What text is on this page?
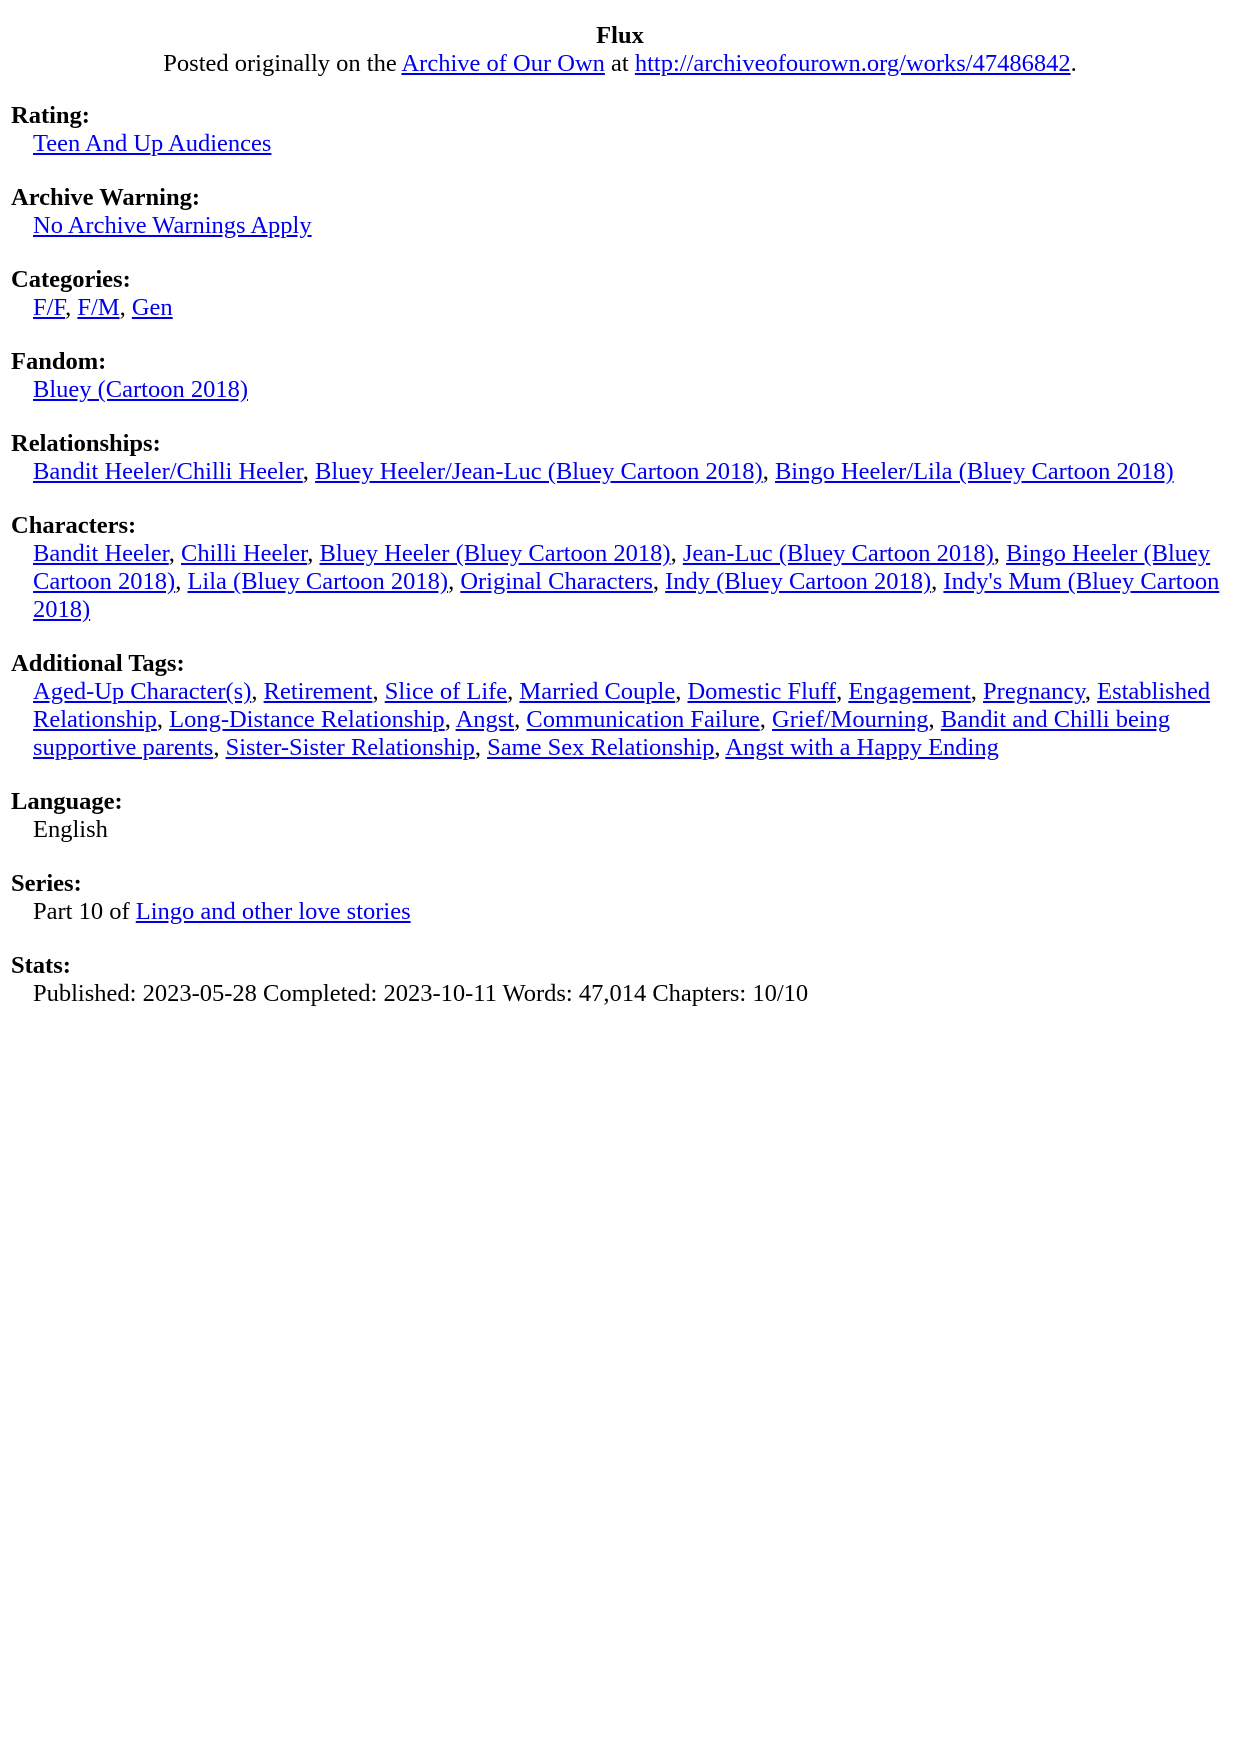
Flux
Posted originally on the Archive of Our Own at http://archiveofourown.org/works/47486842.

Rating:
Teen And Up Audiences
Archive Warning:
No Archive Warnings Apply
Categories:
F/F, F/M, Gen
Fandom:
Bluey (Cartoon 2018)
Relationships:
Bandit Heeler/Chilli Heeler, Bluey Heeler/Jean-Luc (Bluey Cartoon 2018), Bingo Heeler/Lila (Bluey Cartoon 2018)
Characters:
Bandit Heeler, Chilli Heeler, Bluey Heeler (Bluey Cartoon 2018), Jean-Luc (Bluey Cartoon 2018), Bingo Heeler (Bluey Cartoon 2018), Lila (Bluey Cartoon 2018), Original Characters, Indy (Bluey Cartoon 2018), Indy's Mum (Bluey Cartoon 2018)
Additional Tags:
Aged-Up Character(s), Retirement, Slice of Life, Married Couple, Domestic Fluff, Engagement, Pregnancy, Established Relationship, Long-Distance Relationship, Angst, Communication Failure, Grief/Mourning, Bandit and Chilli being supportive parents, Sister-Sister Relationship, Same Sex Relationship, Angst with a Happy Ending
Language:
English
Series:
Part 10 of Lingo and other love stories
Stats:
Published: 2023-05-28 Completed: 2023-10-11 Words: 47,014 Chapters: 10/10
